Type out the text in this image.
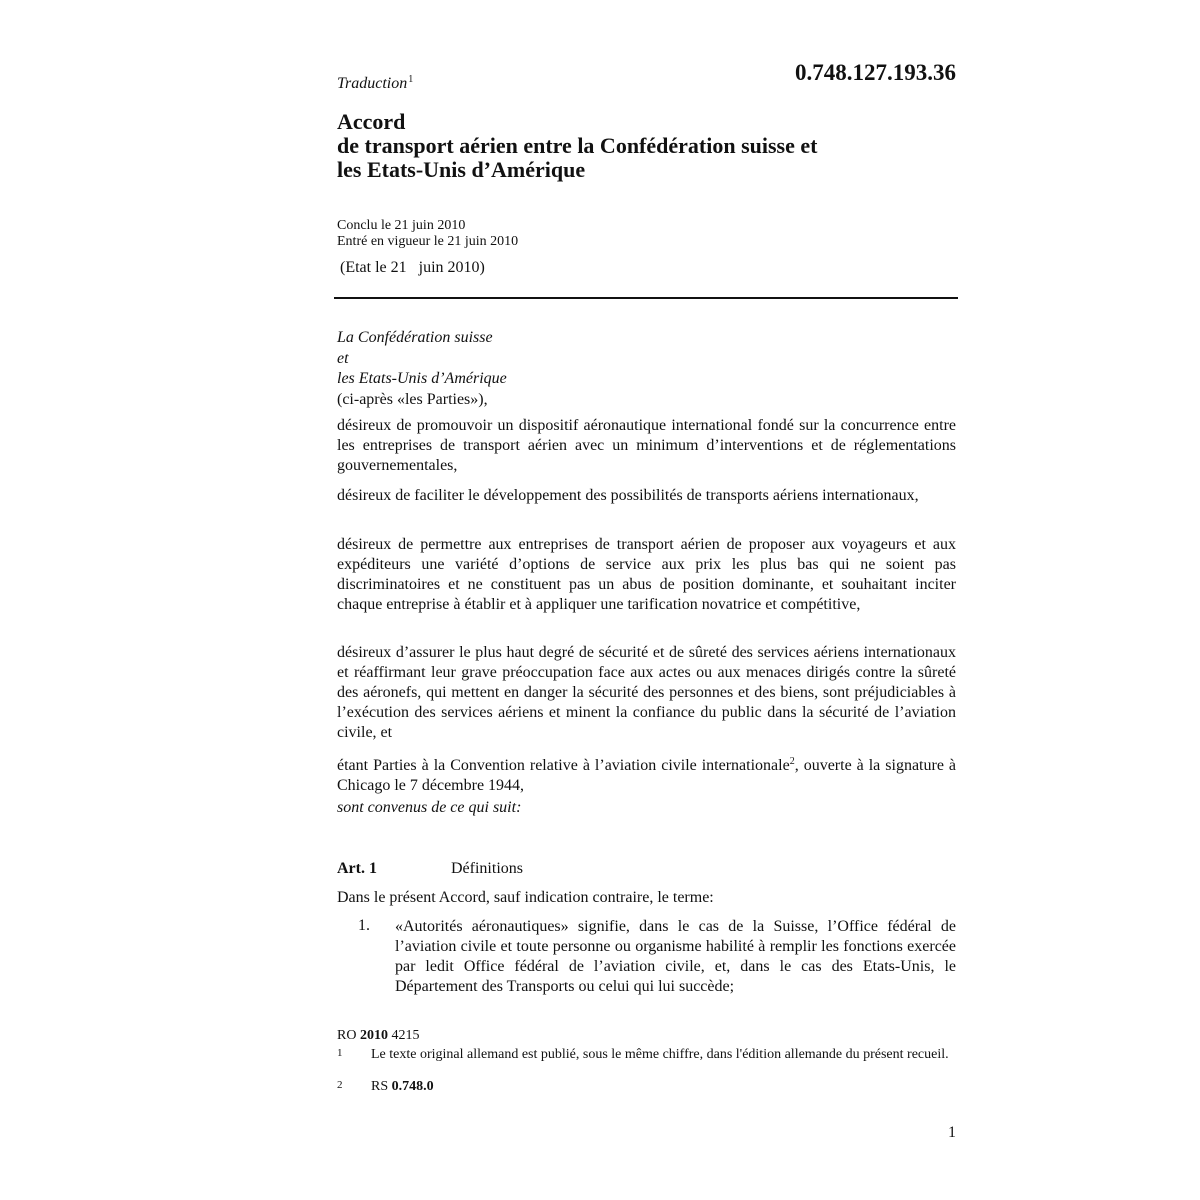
0.748.127.193.36
Traduction$^1$
Accord
de transport aérien entre la Confédération suisse et
les Etats-Unis d’Amérique
Conclu le 21 juin 2010
Entré en vigueur le 21 juin 2010
(Etat le 21   juin 2010)
La Confédération suisse
et
les Etats-Unis d’Amérique
(ci-après «les Parties»),
désireux de promouvoir un dispositif aéronautique international fondé sur la concurrence entre les entreprises de transport aérien avec un minimum d’interventions et de réglementations gouvernementales,
désireux de faciliter le développement des possibilités de transports aériens internationaux,
désireux de permettre aux entreprises de transport aérien de proposer aux voyageurs et aux expéditeurs une variété d’options de service aux prix les plus bas qui ne soient pas discriminatoires et ne constituent pas un abus de position dominante, et souhaitant inciter chaque entreprise à établir et à appliquer une tarification novatrice et compétitive,
désireux d’assurer le plus haut degré de sécurité et de sûreté des services aériens internationaux et réaffirmant leur grave préoccupation face aux actes ou aux menaces dirigés contre la sûreté des aéronefs, qui mettent en danger la sécurité des personnes et des biens, sont préjudiciables à l’exécution des services aériens et minent la confiance du public dans la sécurité de l’aviation civile, et
étant Parties à la Convention relative à l’aviation civile internationale$^2$, ouverte à la signature à Chicago le 7 décembre 1944,
sont convenus de ce qui suit:
Art. 1	Définitions
Dans le présent Accord, sauf indication contraire, le terme:
1. «Autorités aéronautiques» signifie, dans le cas de la Suisse, l’Office fédéral de l’aviation civile et toute personne ou organisme habilité à remplir les fonctions exercée par ledit Office fédéral de l’aviation civile, et, dans le cas des Etats-Unis, le Département des Transports ou celui qui lui succède;
RO 2010 4215
1 Le texte original allemand est publié, sous le même chiffre, dans l'édition allemande du présent recueil.
2 RS 0.748.0
1
